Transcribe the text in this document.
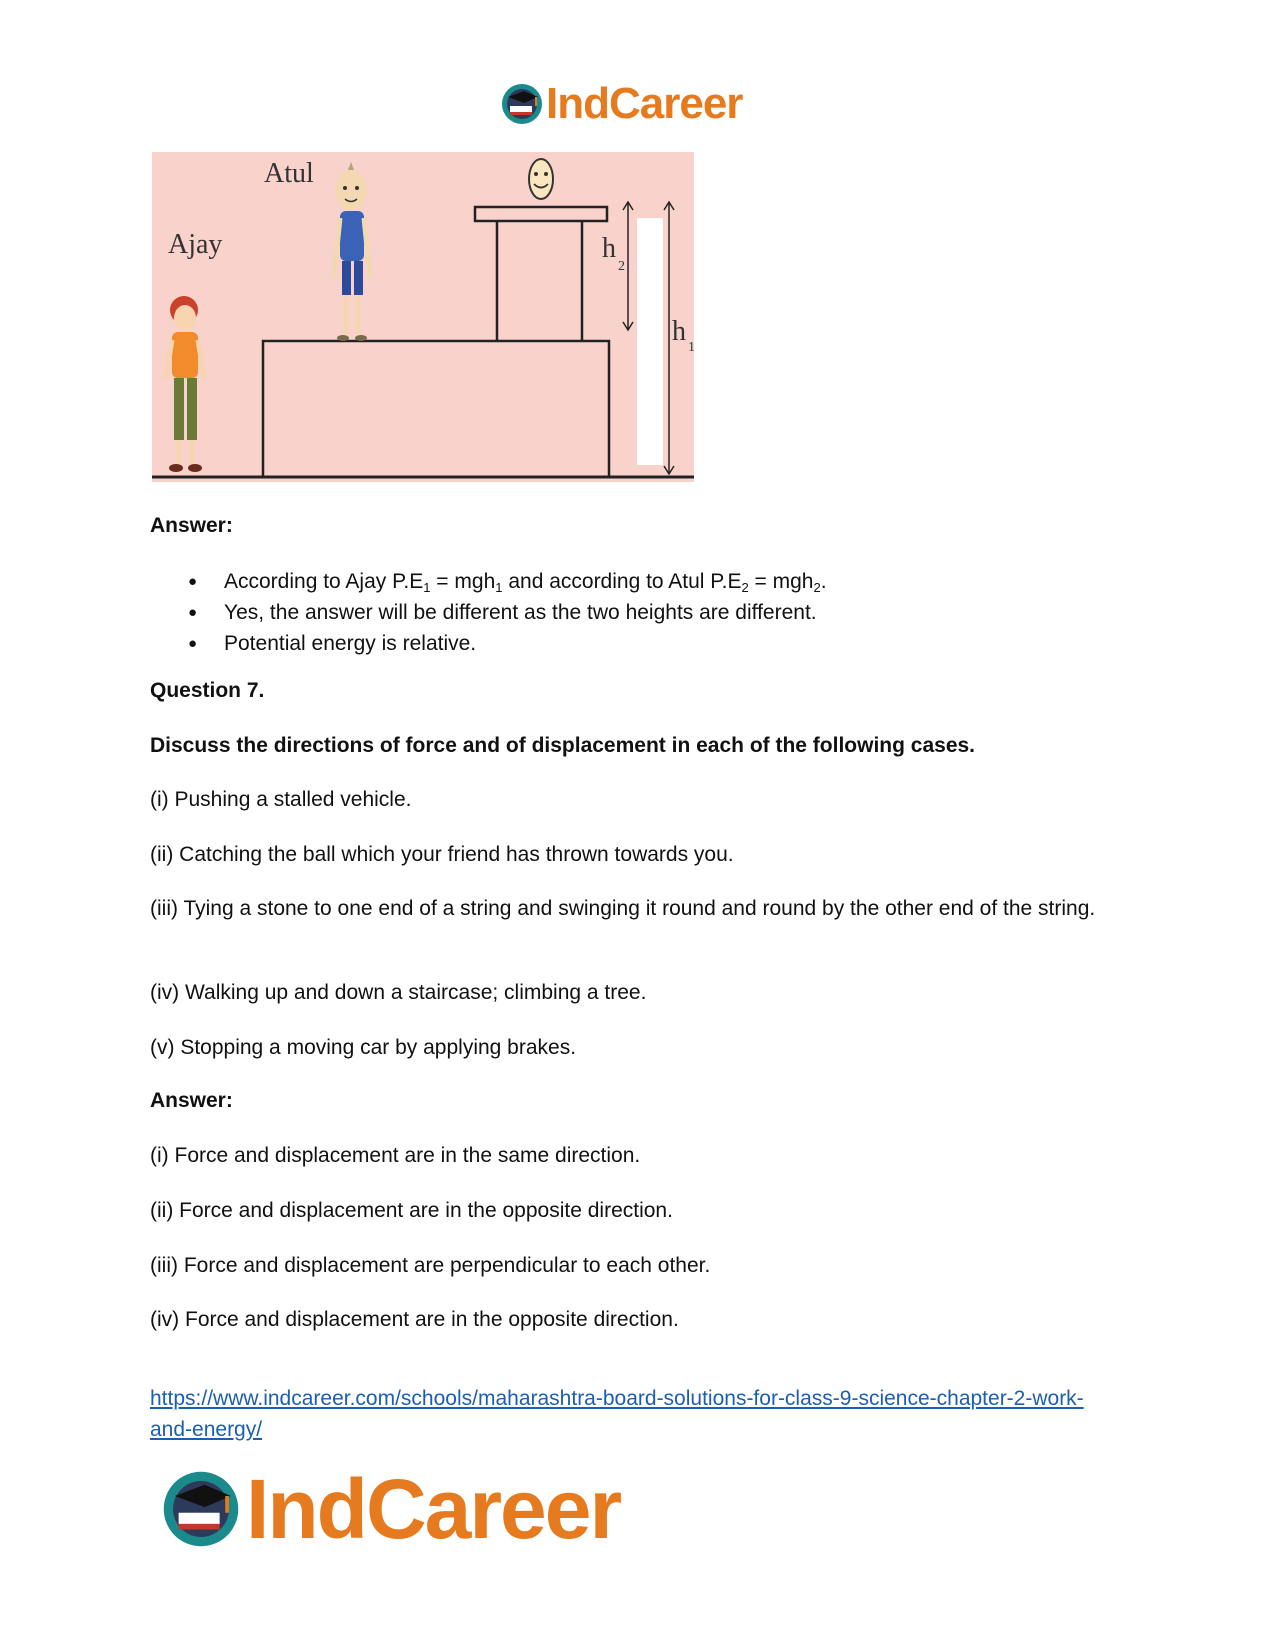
IndCareer
Ajay
Atul
h
2
h
1

Answer:

● According to Ajay $P.E_1 = mgh_1$ and according to Atul $P.E_2 = mgh_2$.
● Yes, the answer will be different as the two heights are different.
● Potential energy is relative.

Question 7.

Discuss the directions of force and of displacement in each of the following cases.

(i) Pushing a stalled vehicle.

(ii) Catching the ball which your friend has thrown towards you.

(iii) Tying a stone to one end of a string and swinging it round and round by the other end of the string.

(iv) Walking up and down a staircase; climbing a tree.

(v) Stopping a moving car by applying brakes.

Answer:

(i) Force and displacement are in the same direction.

(ii) Force and displacement are in the opposite direction.

(iii) Force and displacement are perpendicular to each other.

(iv) Force and displacement are in the opposite direction.

https://www.indcareer.com/schools/maharashtra-board-solutions-for-class-9-science-chapter-2-work-and-energy/
IndCareer
